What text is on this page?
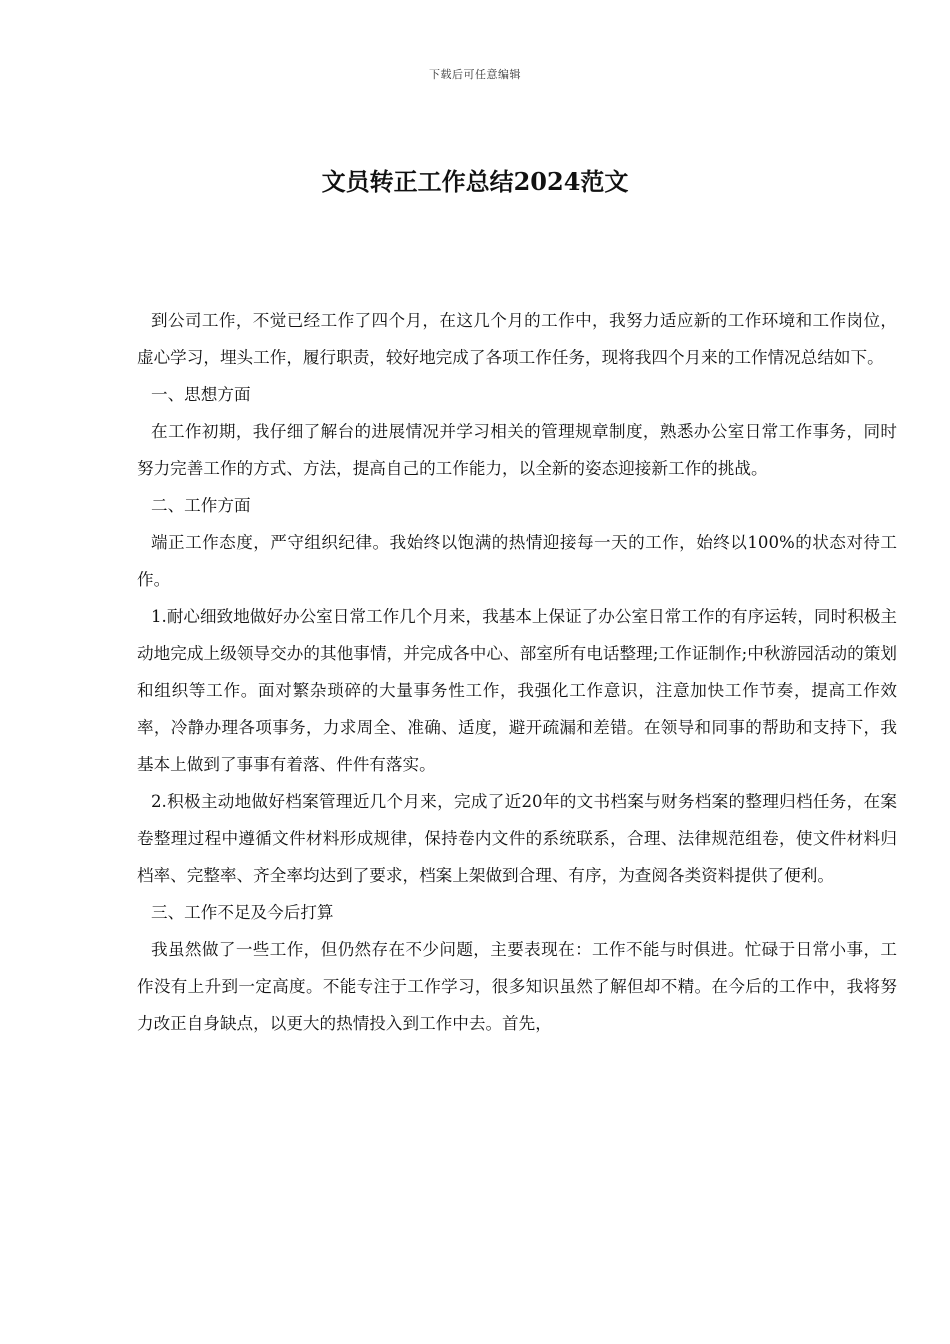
下载后可任意编辑
文员转正工作总结2024范文

到公司工作，不觉已经工作了四个月，在这几个月的工作中，我努力适应新的工作环境和工作岗位，虚心学习，埋头工作，履行职责，较好地完成了各项工作任务，现将我四个月来的工作情况总结如下。

一、思想方面

在工作初期，我仔细了解台的进展情况并学习相关的管理规章制度，熟悉办公室日常工作事务，同时努力完善工作的方式、方法，提高自己的工作能力，以全新的姿态迎接新工作的挑战。

二、工作方面

端正工作态度，严守组织纪律。我始终以饱满的热情迎接每一天的工作，始终以100%的状态对待工作。

1.耐心细致地做好办公室日常工作几个月来，我基本上保证了办公室日常工作的有序运转，同时积极主动地完成上级领导交办的其他事情，并完成各中心、部室所有电话整理;工作证制作;中秋游园活动的策划和组织等工作。面对繁杂琐碎的大量事务性工作，我强化工作意识，注意加快工作节奏，提高工作效率，冷静办理各项事务，力求周全、准确、适度，避开疏漏和差错。在领导和同事的帮助和支持下，我基本上做到了事事有着落、件件有落实。

2.积极主动地做好档案管理近几个月来，完成了近20年的文书档案与财务档案的整理归档任务，在案卷整理过程中遵循文件材料形成规律，保持卷内文件的系统联系，合理、法律规范组卷，使文件材料归档率、完整率、齐全率均达到了要求，档案上架做到合理、有序，为查阅各类资料提供了便利。

三、工作不足及今后打算

我虽然做了一些工作，但仍然存在不少问题，主要表现在：工作不能与时俱进。忙碌于日常小事，工作没有上升到一定高度。不能专注于工作学习，很多知识虽然了解但却不精。在今后的工作中，我将努力改正自身缺点，以更大的热情投入到工作中去。首先，
